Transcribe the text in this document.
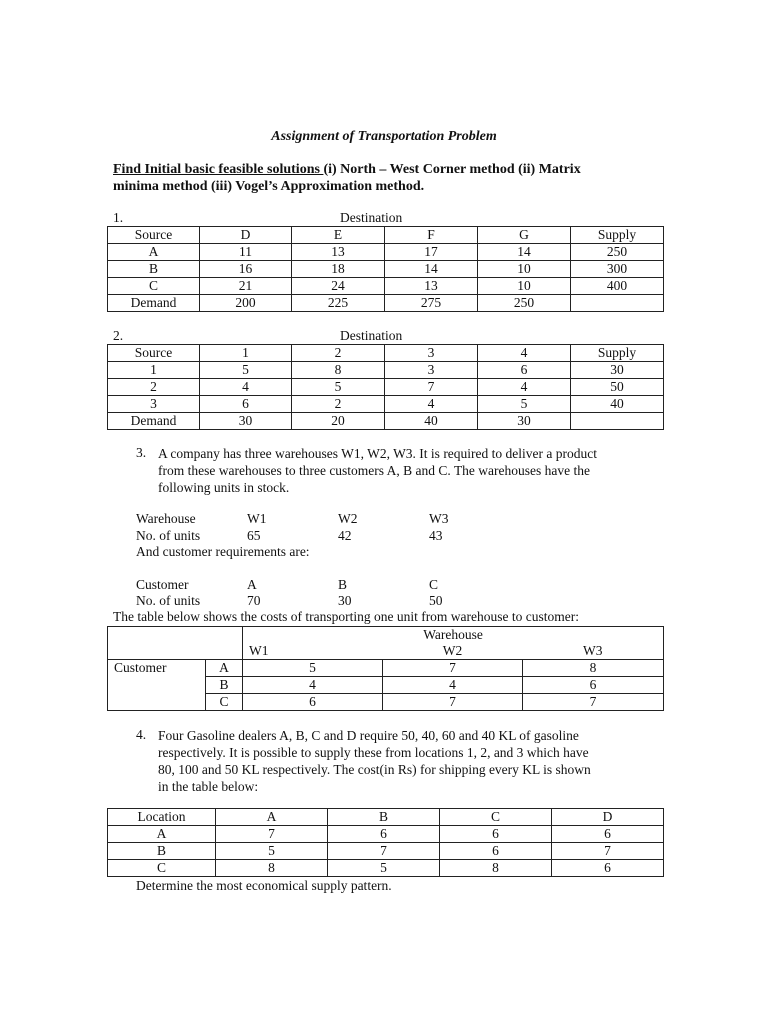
Assignment of Transportation Problem
Find Initial basic feasible solutions (i) North – West Corner method (ii) Matrix
minima method (iii) Vogel’s Approximation method.
1.	Destination
Source	D	E	F	G	Supply
A	11	13	17	14	250
B	16	18	14	10	300
C	21	24	13	10	400
Demand	200	225	275	250	
2.	Destination
Source	1	2	3	4	Supply
1	5	8	3	6	30
2	4	5	7	4	50
3	6	2	4	5	40
Demand	30	20	40	30	
3. A company has three warehouses W1, W2, W3. It is required to deliver a product
from these warehouses to three customers A, B and C. The warehouses have the
following units in stock.
Warehouse	W1	W2	W3
No. of units	65	42	43
And customer requirements are:
Customer	A	B	C
No. of units	70	30	50
The table below shows the costs of transporting one unit from warehouse to customer:
		Warehouse		
		W1	W2	W3
Customer	A	5	7	8
	B	4	4	6
	C	6	7	7
4. Four Gasoline dealers A, B, C and D require 50, 40, 60 and 40 KL of gasoline
respectively. It is possible to supply these from locations 1, 2, and 3 which have
80, 100 and 50 KL respectively. The cost(in Rs) for shipping every KL is shown
in the table below:
Location	A	B	C	D
A	7	6	6	6
B	5	7	6	7
C	8	5	8	6
Determine the most economical supply pattern.
